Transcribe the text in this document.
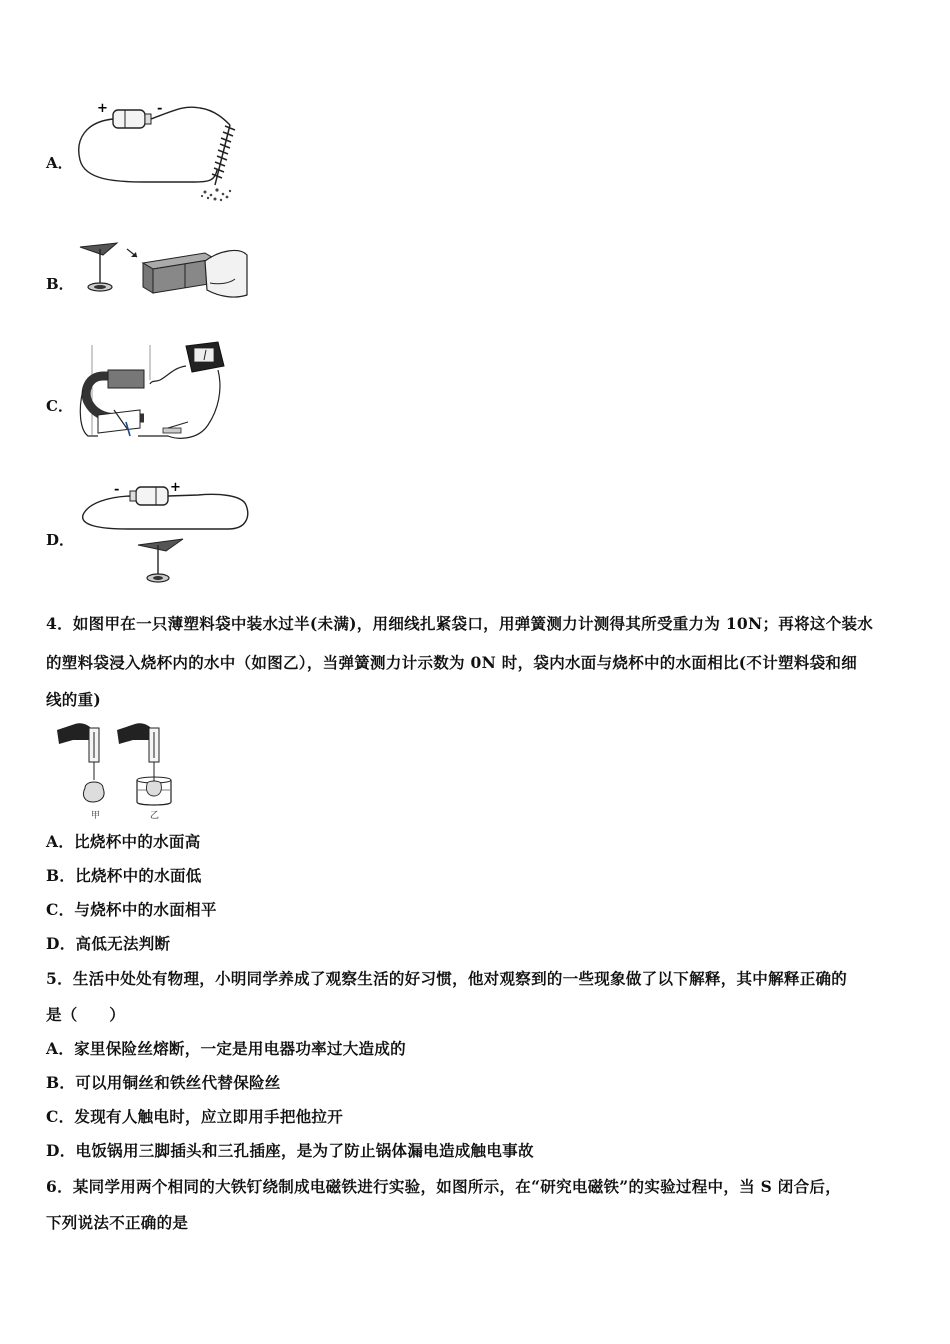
A．
+	-
B．
C．
D．
-	+
4．如图甲在一只薄塑料袋中装水过半(未满)，用细线扎紧袋口，用弹簧测力计测得其所受重力为 10N；再将这个装水
的塑料袋浸入烧杯内的水中（如图乙），当弹簧测力计示数为 0N 时，袋内水面与烧杯中的水面相比(不计塑料袋和细
线的重)
甲	乙
A．比烧杯中的水面高
B．比烧杯中的水面低
C．与烧杯中的水面相平
D．高低无法判断
5．生活中处处有物理，小明同学养成了观察生活的好习惯，他对观察到的一些现象做了以下解释，其中解释正确的
是（　　）
A．家里保险丝熔断，一定是用电器功率过大造成的
B．可以用铜丝和铁丝代替保险丝
C．发现有人触电时，应立即用手把他拉开
D．电饭锅用三脚插头和三孔插座，是为了防止锅体漏电造成触电事故
6．某同学用两个相同的大铁钉绕制成电磁铁进行实验，如图所示，在“研究电磁铁”的实验过程中，当 S 闭合后，
下列说法不正确的是
